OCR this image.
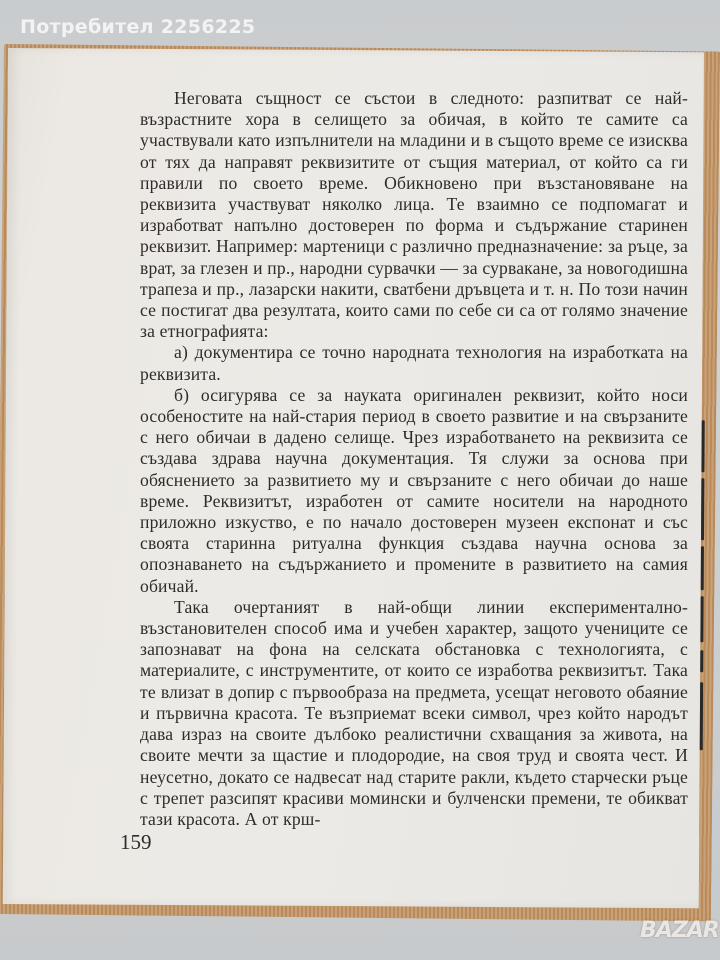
Неговата същност се състои в следното: разпитват се най-възрастните хора в селището за обичая, в който те самите са участвували като изпълнители на младини и в същото време се изисква от тях да направят реквизитите от същия материал, от който са ги правили по своето време. Обикновено при възстановяване на реквизита участвуват няколко лица. Те взаимно се подпомагат и изработват напълно достоверен по форма и съдържание старинен реквизит. Например: мартеници с различно предназначение: за ръце, за врат, за глезен и пр., народни сурвачки — за сурвакане, за новогодишна трапеза и пр., лазарски накити, сватбени дръвцета и т. н. По този начин се постигат два резултата, които сами по себе си са от голямо значение за етнографията:

а) документира се точно народната технология на изработката на реквизита.

б) осигурява се за науката оригинален реквизит, който носи особеностите на най-стария период в своето развитие и на свързаните с него обичаи в дадено селище. Чрез изработването на реквизита се създава здрава научна документация. Тя служи за основа при обяснението за развитието му и свързаните с него обичаи до наше време. Реквизитът, изработен от самите носители на народното приложно изкуство, е по начало достоверен музеен експонат и със своята старинна ритуална функция създава научна основа за опознаването на съдържанието и промените в развитието на самия обичай.

Така очертаният в най-общи линии експериментално-възстановителен способ има и учебен характер, защото учениците се запознават на фона на селската обстановка с технологията, с материалите, с инструментите, от които се изработва реквизитът. Така те влизат в допир с първообраза на предмета, усещат неговото обаяние и първична красота. Те възприемат всеки символ, чрез който народът дава израз на своите дълбоко реалистични схващания за живота, на своите мечти за щастие и плодородие, на своя труд и своята чест. И неусетно, докато се надвесат над старите ракли, където старчески ръце с трепет разсипят красиви момински и булченски премени, те обикват тази красота. А от крш-

159
Потребител 2256225
BAZAR
